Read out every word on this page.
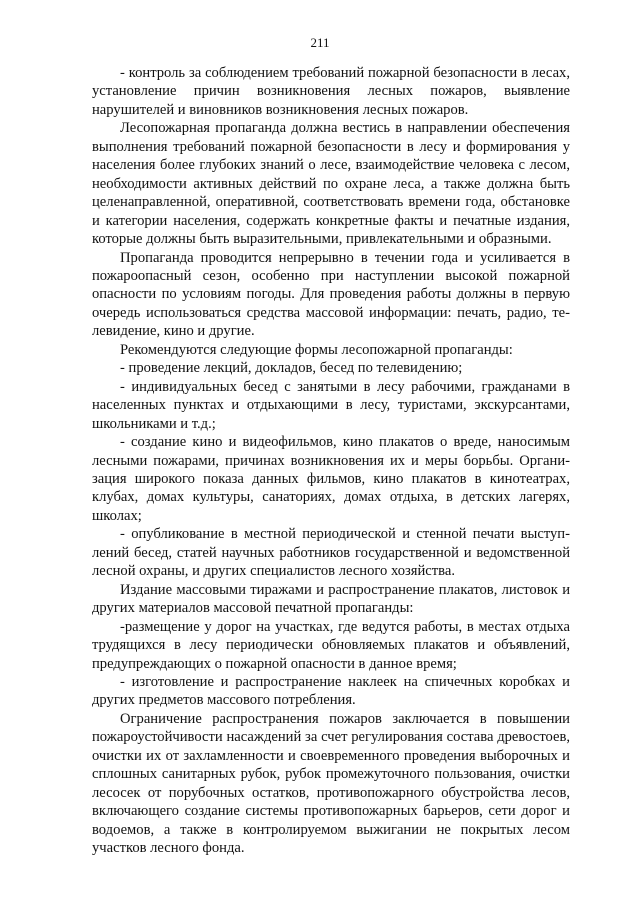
211

- контроль за соблюдением требований пожарной безопасности в лесах, установление причин возникновения лесных пожаров, выявление нарушителей и виновников возникновения лесных пожаров.

Лесопожарная пропаганда должна вестись в направлении обеспечения выполнения требований пожарной безопасности в лесу и формирования у населения более глубоких знаний о лесе, взаимодействие человека с лесом, необходимости активных действий по охране леса, а также должна быть целенаправленной, оперативной, соответствовать времени года, обстановке и категории населения, содержать конкретные факты и печатные издания, которые должны быть выразительными, привлекательными и образными.

Пропаганда проводится непрерывно в течении года и усиливается в пожароопасный сезон, особенно при наступлении высокой пожарной опасности по условиям погоды. Для проведения работы должны в первую очередь использоваться средства массовой информации: печать, радио, телевидение, кино и другие.

Рекомендуются следующие формы лесопожарной пропаганды:

- проведение лекций, докладов, бесед по телевидению;

- индивидуальных бесед с занятыми в лесу рабочими, гражданами в населенных пунктах и отдыхающими в лесу, туристами, экскурсантами, школьниками и т.д.;

- создание кино и видеофильмов, кино плакатов о вреде, наносимым лесными пожарами, причинах возникновения их и меры борьбы. Организация широкого показа данных фильмов, кино плакатов в кинотеатрах, клубах, домах культуры, санаториях, домах отдыха, в детских лагерях, школах;

- опубликование в местной периодической и стенной печати выступлений бесед, статей научных работников государственной и ведомственной лесной охраны, и других специалистов лесного хозяйства.

Издание массовыми тиражами и распространение плакатов, листовок и других материалов массовой печатной пропаганды:

-размещение у дорог на участках, где ведутся работы, в местах отдыха трудящихся в лесу периодически обновляемых плакатов и объявлений, предупреждающих о пожарной опасности в данное время;

- изготовление и распространение наклеек на спичечных коробках и других предметов массового потребления.

Ограничение распространения пожаров заключается в повышении пожароустойчивости насаждений за счет регулирования состава древостоев, очистки их от захламленности и своевременного проведения выборочных и сплошных санитарных рубок, рубок промежуточного пользования, очистки лесосек от порубочных остатков, противопожарного обустройства лесов, включающего создание системы противопожарных барьеров, сети дорог и водоемов, а также в контролируемом выжигании не покрытых лесом участков лесного фонда.
